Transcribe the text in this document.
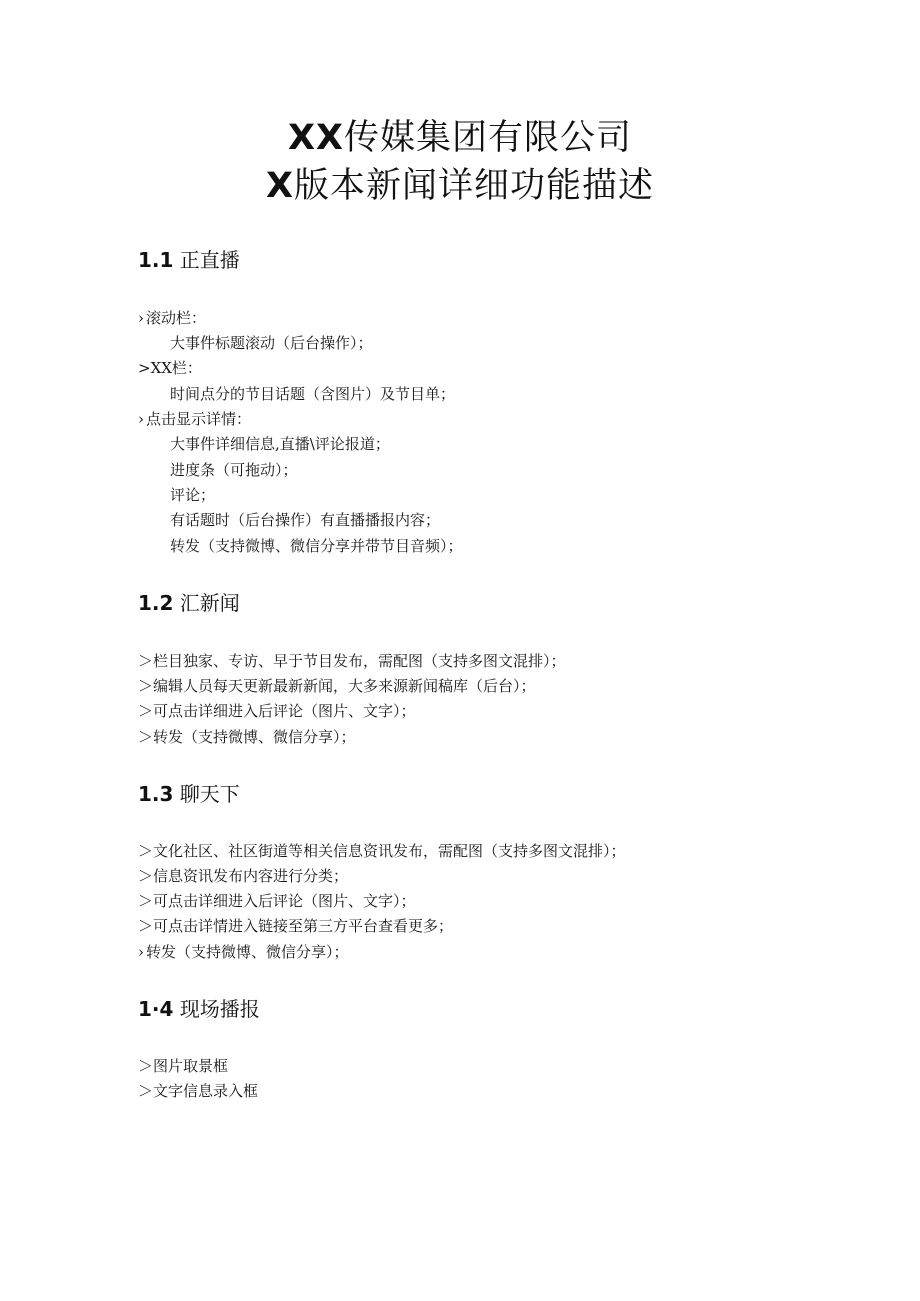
XX传媒集团有限公司
X版本新闻详细功能描述
1.1 正直播
› 滚动栏：
大事件标题滚动（后台操作）；
>XX栏：
时间点分的节目话题（含图片）及节目单；
› 点击显示详情：
大事件详细信息,直播\评论报道；
进度条（可拖动）；
评论；
有话题时（后台操作）有直播播报内容；
转发（支持微博、微信分享并带节目音频）；
1.2 汇新闻
＞栏目独家、专访、早于节目发布，需配图（支持多图文混排）；
＞编辑人员每天更新最新新闻，大多来源新闻稿库（后台）；
＞可点击详细进入后评论（图片、文字）；
＞转发（支持微博、微信分享）；
1.3 聊天下
＞文化社区、社区街道等相关信息资讯发布，需配图（支持多图文混排）；
＞信息资讯发布内容进行分类；
＞可点击详细进入后评论（图片、文字）；
＞可点击详情进入链接至第三方平台查看更多；
› 转发（支持微博、微信分享）；
1·4 现场播报
＞图片取景框
＞文字信息录入框
